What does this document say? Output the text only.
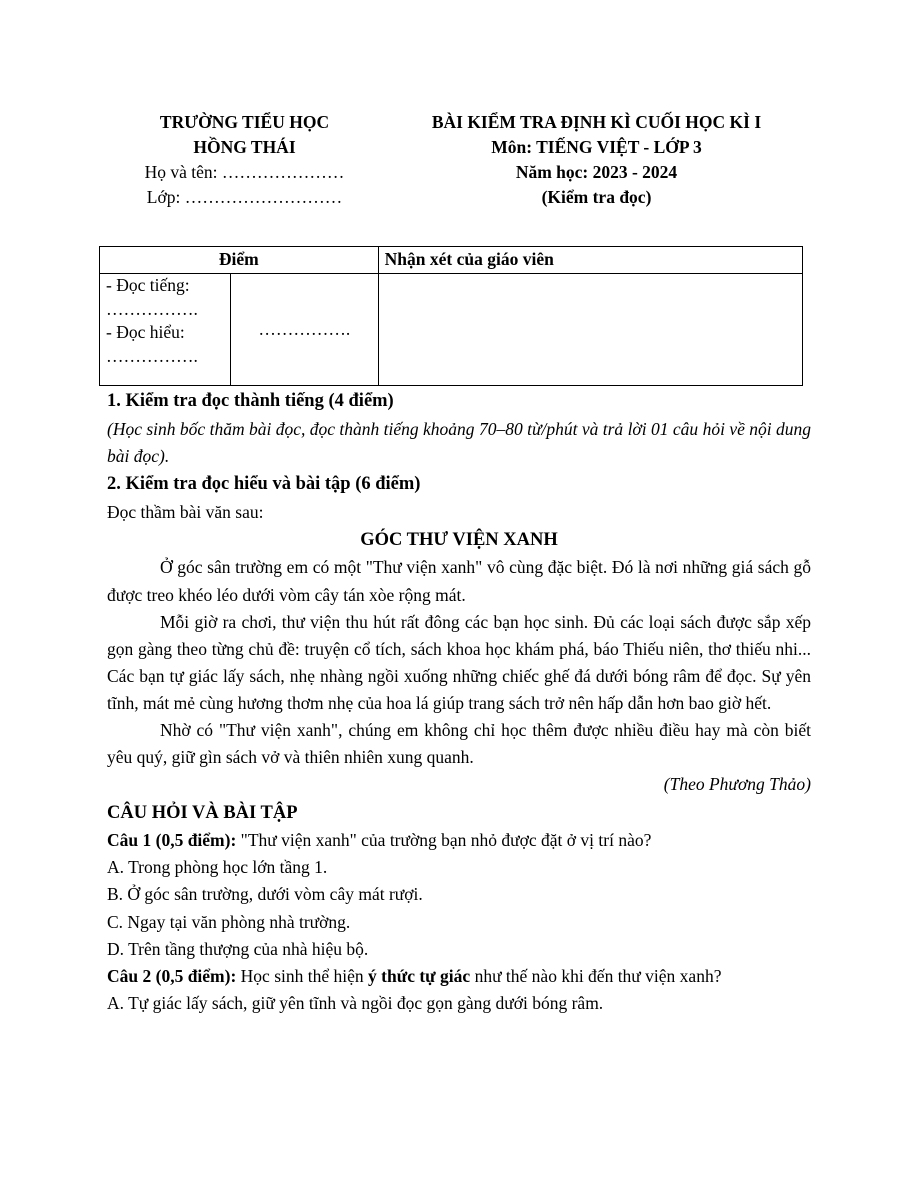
TRƯỜNG TIỂU HỌC
HỒNG THÁI
Họ và tên: …………………
Lớp: ………………………
BÀI KIỂM TRA ĐỊNH KÌ CUỐI HỌC KÌ I
Môn: TIẾNG VIỆT - LỚP 3
Năm học: 2023 - 2024
(Kiểm tra đọc)
Điểm		Nhận xét của giáo viên

- Đọc tiếng:
…………….
- Đọc hiểu:
…………….	…………….	

1. Kiểm tra đọc thành tiếng (4 điểm)

(Học sinh bốc thăm bài đọc, đọc thành tiếng khoảng 70–80 từ/phút và trả lời 01 câu hỏi về nội dung bài đọc).

2. Kiểm tra đọc hiểu và bài tập (6 điểm)

Đọc thầm bài văn sau:

GÓC THƯ VIỆN XANH

Ở góc sân trường em có một "Thư viện xanh" vô cùng đặc biệt. Đó là nơi những giá sách gỗ được treo khéo léo dưới vòm cây tán xòe rộng mát.

Mỗi giờ ra chơi, thư viện thu hút rất đông các bạn học sinh. Đủ các loại sách được sắp xếp gọn gàng theo từng chủ đề: truyện cổ tích, sách khoa học khám phá, báo Thiếu niên, thơ thiếu nhi... Các bạn tự giác lấy sách, nhẹ nhàng ngồi xuống những chiếc ghế đá dưới bóng râm để đọc. Sự yên tĩnh, mát mẻ cùng hương thơm nhẹ của hoa lá giúp trang sách trở nên hấp dẫn hơn bao giờ hết.

Nhờ có "Thư viện xanh", chúng em không chỉ học thêm được nhiều điều hay mà còn biết yêu quý, giữ gìn sách vở và thiên nhiên xung quanh.

(Theo Phương Thảo)

CÂU HỎI VÀ BÀI TẬP

Câu 1 (0,5 điểm): "Thư viện xanh" của trường bạn nhỏ được đặt ở vị trí nào?

A. Trong phòng học lớn tầng 1.

B. Ở góc sân trường, dưới vòm cây mát rượi.

C. Ngay tại văn phòng nhà trường.

D. Trên tầng thượng của nhà hiệu bộ.

Câu 2 (0,5 điểm): Học sinh thể hiện ý thức tự giác như thế nào khi đến thư viện xanh?

A. Tự giác lấy sách, giữ yên tĩnh và ngồi đọc gọn gàng dưới bóng râm.
